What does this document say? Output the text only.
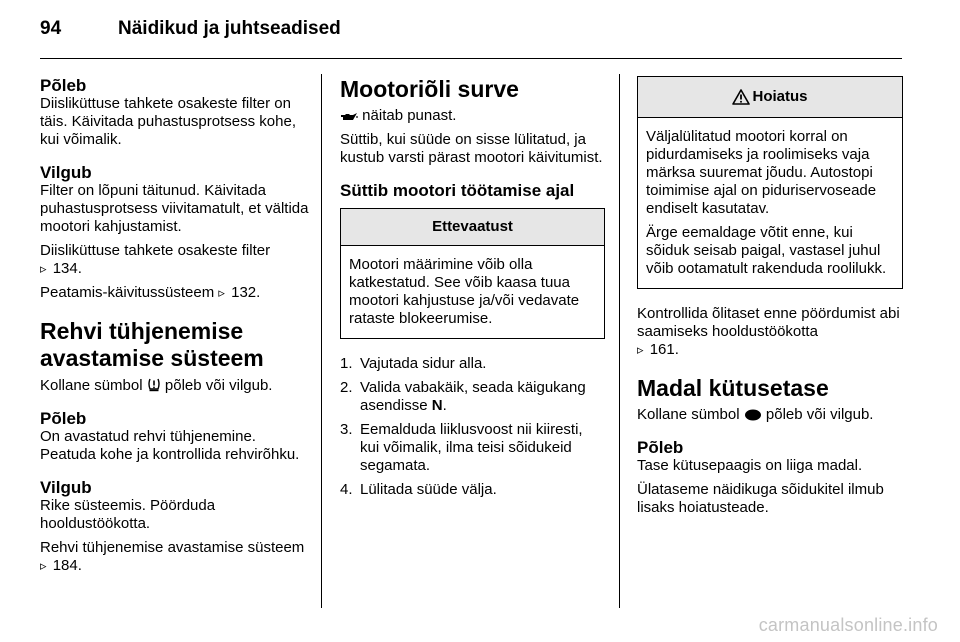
94	Näidikud ja juhtseadised
Põleb

Diisliküttuse tahkete osakeste filter on täis. Käivitada puhastusprotsess kohe, kui võimalik.

Vilgub

Filter on lõpuni täitunud. Käivitada puhastusprotsess viivitamatult, et vältida mootori kahjustamist.

Diisliküttuse tahkete osakeste filter
▹ 134.

Peatamis-käivitussüsteem ▹ 132.

Rehvi tühjenemise avastamise süsteem

Kollane sümbol põleb või vilgub.

Põleb

On avastatud rehvi tühjenemine. Peatuda kohe ja kontrollida rehvirõhku.

Vilgub

Rike süsteemis. Pöörduda hooldustöökotta.

Rehvi tühjenemise avastamise süsteem ▹ 184.

Mootoriõli surve

näitab punast.

Süttib, kui süüde on sisse lülitatud, ja kustub varsti pärast mootori käivitumist.

Süttib mootori töötamise ajal
Ettevaatust
Mootori määrimine võib olla katkestatud. See võib kaasa tuua mootori kahjustuse ja/või vedavate rataste blokeerumise.
1. Vajutada sidur alla.
2. Valida vabakäik, seada käigukang asendisse N.
3. Eemalduda liiklusvoost nii kiiresti, kui võimalik, ilma teisi sõidukeid segamata.
4. Lülitada süüde välja.
Hoiatus

Väljalülitatud mootori korral on pidurdamiseks ja roolimiseks vaja märksa suuremat jõudu. Autostopi toimimise ajal on piduriservoseade endiselt kasutatav.

Ärge eemaldage võtit enne, kui sõiduk seisab paigal, vastasel juhul võib ootamatult rakenduda roolilukk.

Kontrollida õlitaset enne pöördumist abi saamiseks hooldustöökotta
▹ 161.

Madal kütusetase

Kollane sümbol põleb või vilgub.

Põleb

Tase kütusepaagis on liiga madal.

Ülataseme näidikuga sõidukitel ilmub lisaks hoiatusteade.

carmanualsonline.info
